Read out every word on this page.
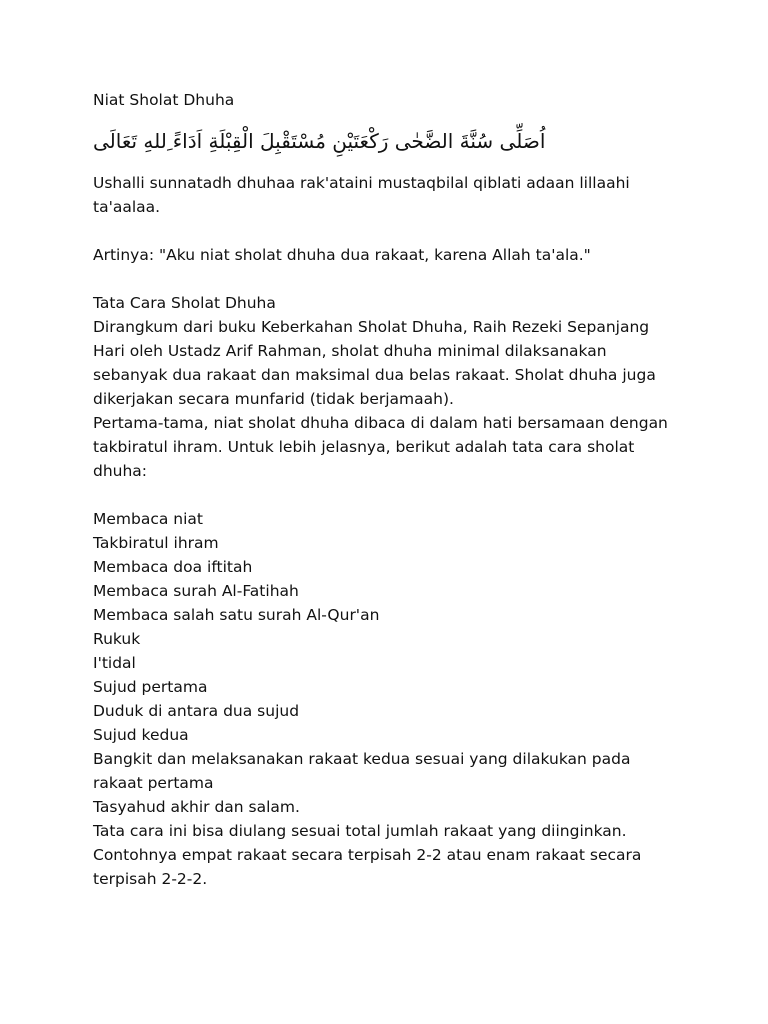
Niat Sholat Dhuha
اُصَلِّى سُنَّةَ الضَّحٰى رَكْعَتَيْنِ مُسْتَقْبِلَ الْقِبْلَةِ اَدَاءً ِللهِ تَعَالَى

Ushalli sunnatadh dhuhaa rak'ataini mustaqbilal qiblati adaan lillaahi
ta'aalaa.

Artinya: "Aku niat sholat dhuha dua rakaat, karena Allah ta'ala."

Tata Cara Sholat Dhuha

Dirangkum dari buku Keberkahan Sholat Dhuha, Raih Rezeki Sepanjang
Hari oleh Ustadz Arif Rahman, sholat dhuha minimal dilaksanakan
sebanyak dua rakaat dan maksimal dua belas rakaat. Sholat dhuha juga
dikerjakan secara munfarid (tidak berjamaah).
Pertama-tama, niat sholat dhuha dibaca di dalam hati bersamaan dengan
takbiratul ihram. Untuk lebih jelasnya, berikut adalah tata cara sholat
dhuha:

Membaca niat
Takbiratul ihram
Membaca doa iftitah
Membaca surah Al-Fatihah
Membaca salah satu surah Al-Qur'an
Rukuk
I'tidal
Sujud pertama
Duduk di antara dua sujud
Sujud kedua
Bangkit dan melaksanakan rakaat kedua sesuai yang dilakukan pada
rakaat pertama
Tasyahud akhir dan salam.

Tata cara ini bisa diulang sesuai total jumlah rakaat yang diinginkan.
Contohnya empat rakaat secara terpisah 2-2 atau enam rakaat secara
terpisah 2-2-2.
